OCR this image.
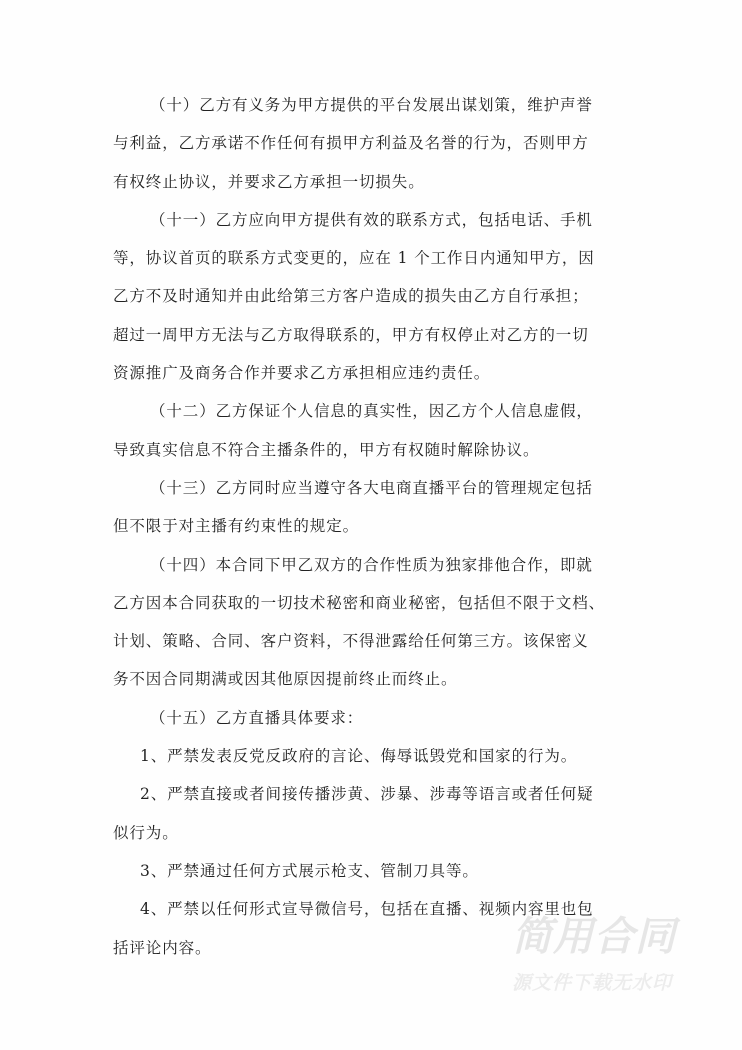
（十）乙方有义务为甲方提供的平台发展出谋划策，维护声誉
与利益，乙方承诺不作任何有损甲方利益及名誉的行为，否则甲方
有权终止协议，并要求乙方承担一切损失。
（十一）乙方应向甲方提供有效的联系方式，包括电话、手机
等，协议首页的联系方式变更的，应在 1 个工作日内通知甲方，因
乙方不及时通知并由此给第三方客户造成的损失由乙方自行承担；
超过一周甲方无法与乙方取得联系的，甲方有权停止对乙方的一切
资源推广及商务合作并要求乙方承担相应违约责任。
（十二）乙方保证个人信息的真实性，因乙方个人信息虚假，
导致真实信息不符合主播条件的，甲方有权随时解除协议。
（十三）乙方同时应当遵守各大电商直播平台的管理规定包括
但不限于对主播有约束性的规定。
（十四）本合同下甲乙双方的合作性质为独家排他合作，即就
乙方因本合同获取的一切技术秘密和商业秘密，包括但不限于文档、
计划、策略、合同、客户资料，不得泄露给任何第三方。该保密义
务不因合同期满或因其他原因提前终止而终止。
（十五）乙方直播具体要求：
1、严禁发表反党反政府的言论、侮辱诋毁党和国家的行为。
2、严禁直接或者间接传播涉黄、涉暴、涉毒等语言或者任何疑
似行为。
3、严禁通过任何方式展示枪支、管制刀具等。
4、严禁以任何形式宣导微信号，包括在直播、视频内容里也包
括评论内容。	简用合同
源文件下载无水印
